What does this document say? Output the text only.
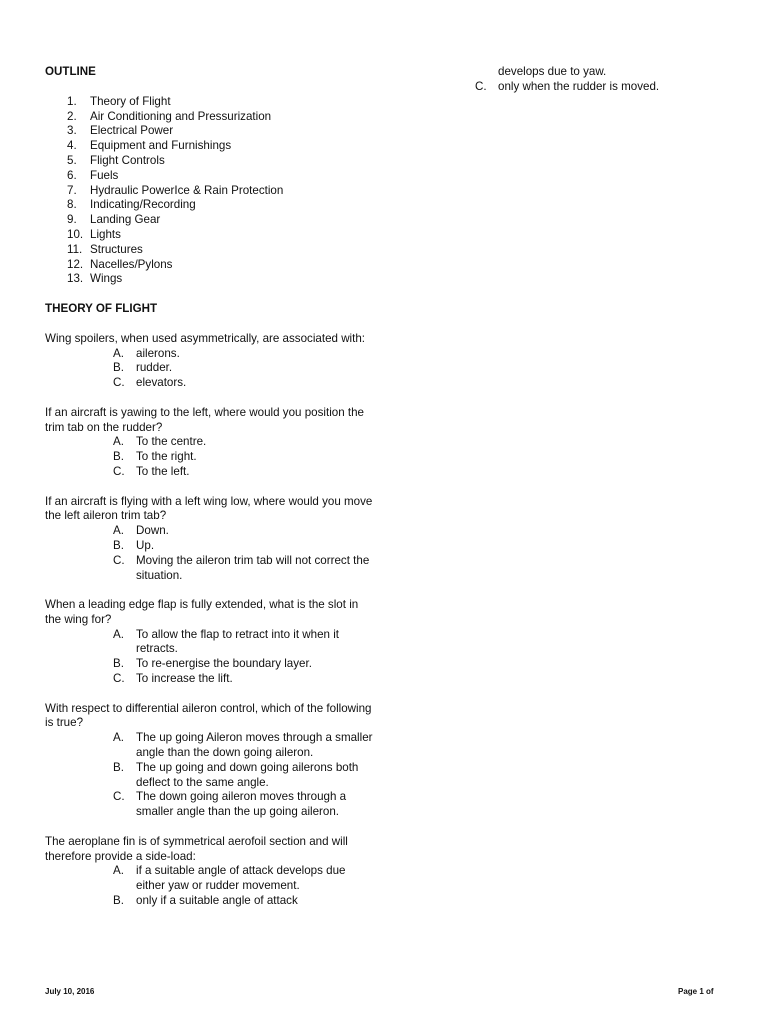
OUTLINE

1. Theory of Flight
2. Air Conditioning and Pressurization
3. Electrical Power
4. Equipment and Furnishings
5. Flight Controls
6. Fuels
7. Hydraulic PowerIce & Rain Protection
8. Indicating/Recording
9. Landing Gear
10. Lights
11. Structures
12. Nacelles/Pylons
13. Wings

THEORY OF FLIGHT

Wing spoilers, when used asymmetrically, are associated with:

A. ailerons.
B. rudder.
C. elevators.

If an aircraft is yawing to the left, where would you position the trim tab on the rudder?

A. To the centre.
B. To the right.
C. To the left.

If an aircraft is flying with a left wing low, where would you move the left aileron trim tab?

A. Down.
B. Up.
C. Moving the aileron trim tab will not correct the situation.

When a leading edge flap is fully extended, what is the slot in the wing for?

A. To allow the flap to retract into it when it retracts.
B. To re-energise the boundary layer.
C. To increase the lift.

With respect to differential aileron control, which of the following is true?

A. The up going Aileron moves through a smaller angle than the down going aileron.
B. The up going and down going ailerons both deflect to the same angle.
C. The down going aileron moves through a smaller angle than the up going aileron.

The aeroplane fin is of symmetrical aerofoil section and will therefore provide a side-load:

A. if a suitable angle of attack develops due either yaw or rudder movement.
B. only if a suitable angle of attack
develops due to yaw.
C. only when the rudder is moved.
July 10, 2016	Page 1 of
